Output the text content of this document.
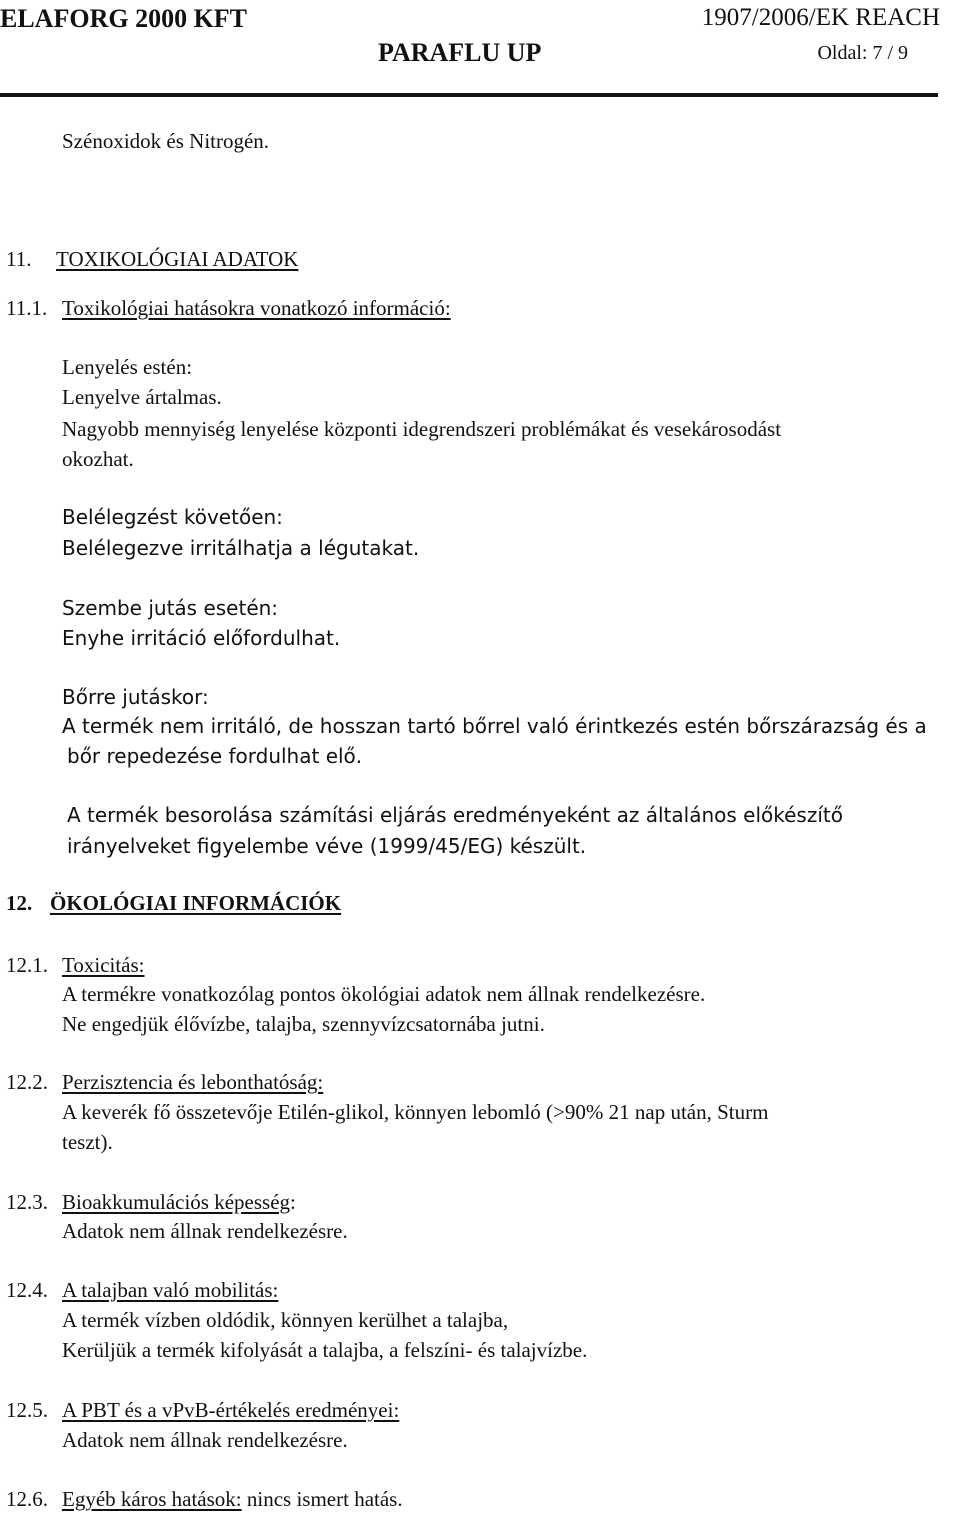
ELAFORG 2000 KFT	1907/2006/EK REACH
PARAFLU UP	Oldal: 7 / 9
Szénoxidok és Nitrogén.
11. TOXIKOLÓGIAI ADATOK
11.1. Toxikológiai hatásokra vonatkozó információ:
Lenyelés estén:
Lenyelve ártalmas.
Nagyobb mennyiség lenyelése központi idegrendszeri problémákat és vesekárosodást
okozhat.
Belélegzést követően:
Belélegezve irritálhatja a légutakat.
Szembe jutás esetén:
Enyhe irritáció előfordulhat.
Bőrre jutáskor:
A termék nem irritáló, de hosszan tartó bőrrel való érintkezés estén bőrszárazság és a
bőr repedezése fordulhat elő.
A termék besorolása számítási eljárás eredményeként az általános előkészítő
irányelveket figyelembe véve (1999/45/EG) készült.
12. ÖKOLÓGIAI INFORMÁCIÓK
12.1. Toxicitás:
A termékre vonatkozólag pontos ökológiai adatok nem állnak rendelkezésre.
Ne engedjük élővízbe, talajba, szennyvízcsatornába jutni.
12.2. Perzisztencia és lebonthatóság:
A keverék fő összetevője Etilén-glikol, könnyen lebomló (>90% 21 nap után, Sturm
teszt).
12.3. Bioakkumulációs képesség:
Adatok nem állnak rendelkezésre.
12.4. A talajban való mobilitás:
A termék vízben oldódik, könnyen kerülhet a talajba,
Kerüljük a termék kifolyását a talajba, a felszíni- és talajvízbe.
12.5. A PBT és a vPvB-értékelés eredményei:
Adatok nem állnak rendelkezésre.
12.6. Egyéb káros hatások: nincs ismert hatás.
